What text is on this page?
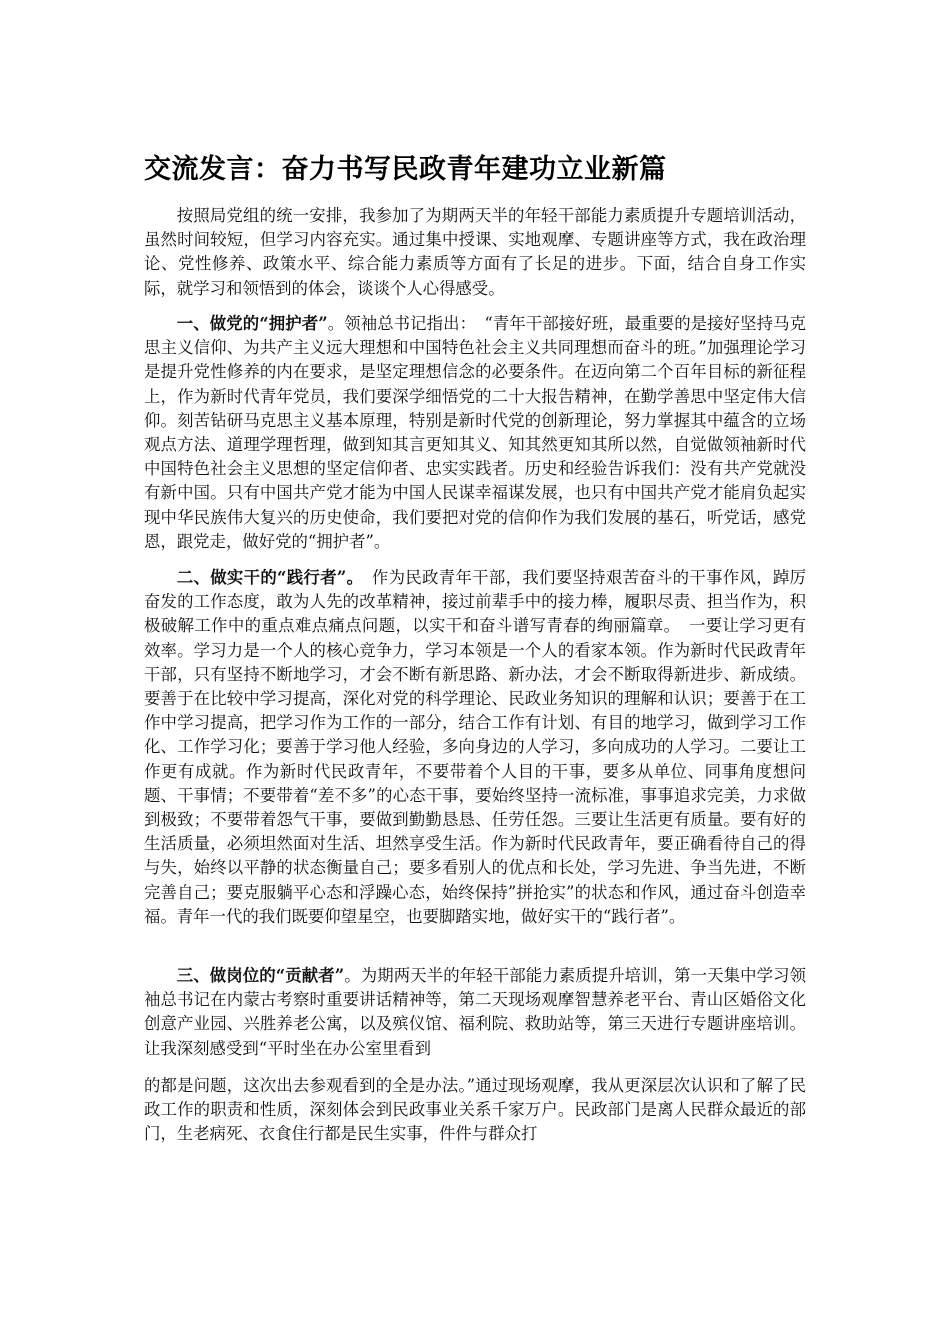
交流发言：奋力书写民政青年建功立业新篇

按照局党组的统一安排，我参加了为期两天半的年轻干部能力素质提升专题培训活动，虽然时间较短，但学习内容充实。通过集中授课、实地观摩、专题讲座等方式，我在政治理论、党性修养、政策水平、综合能力素质等方面有了长足的进步。下面，结合自身工作实际，就学习和领悟到的体会，谈谈个人心得感受。

一、做党的“拥护者”。领袖总书记指出：　“青年干部接好班，最重要的是接好坚持马克思主义信仰、为共产主义远大理想和中国特色社会主义共同理想而奋斗的班。”加强理论学习是提升党性修养的内在要求，是坚定理想信念的必要条件。在迈向第二个百年目标的新征程上，作为新时代青年党员，我们要深学细悟党的二十大报告精神，在勤学善思中坚定伟大信仰。刻苦钻研马克思主义基本原理，特别是新时代党的创新理论，努力掌握其中蕴含的立场观点方法、道理学理哲理，做到知其言更知其义、知其然更知其所以然，自觉做领袖新时代中国特色社会主义思想的坚定信仰者、忠实实践者。历史和经验告诉我们：没有共产党就没有新中国。只有中国共产党才能为中国人民谋幸福谋发展，也只有中国共产党才能肩负起实现中华民族伟大复兴的历史使命，我们要把对党的信仰作为我们发展的基石，听党话，感党恩，跟党走，做好党的“拥护者”。

二、做实干的“践行者”。　作为民政青年干部，我们要坚持艰苦奋斗的干事作风，踔厉奋发的工作态度，敢为人先的改革精神，接过前辈手中的接力棒，履职尽责、担当作为，积极破解工作中的重点难点痛点问题，以实干和奋斗谱写青春的绚丽篇章。　一要让学习更有效率。学习力是一个人的核心竞争力，学习本领是一个人的看家本领。作为新时代民政青年干部，只有坚持不断地学习，才会不断有新思路、新办法，才会不断取得新进步、新成绩。要善于在比较中学习提高，深化对党的科学理论、民政业务知识的理解和认识；要善于在工作中学习提高，把学习作为工作的一部分，结合工作有计划、有目的地学习，做到学习工作化、工作学习化；要善于学习他人经验，多向身边的人学习，多向成功的人学习。二要让工作更有成就。作为新时代民政青年，不要带着个人目的干事，要多从单位、同事角度想问题、干事情；不要带着“差不多”的心态干事，要始终坚持一流标准，事事追求完美，力求做到极致；不要带着怨气干事，要做到勤勤恳恳、任劳任怨。三要让生活更有质量。要有好的生活质量，必须坦然面对生活、坦然享受生活。作为新时代民政青年，要正确看待自己的得与失，始终以平静的状态衡量自己；要多看别人的优点和长处，学习先进、争当先进，不断完善自己；要克服躺平心态和浮躁心态，始终保持”拼抢实”的状态和作风，通过奋斗创造幸福。青年一代的我们既要仰望星空，也要脚踏实地，做好实干的“践行者”。

三、做岗位的“贡献者”。为期两天半的年轻干部能力素质提升培训，第一天集中学习领袖总书记在内蒙古考察时重要讲话精神等，第二天现场观摩智慧养老平台、青山区婚俗文化创意产业园、兴胜养老公寓，以及殡仪馆、福利院、救助站等，第三天进行专题讲座培训。让我深刻感受到“平时坐在办公室里看到

的都是问题，这次出去参观看到的全是办法。”通过现场观摩，我从更深层次认识和了解了民政工作的职责和性质，深刻体会到民政事业关系千家万户。民政部门是离人民群众最近的部门，生老病死、衣食住行都是民生实事，件件与群众打
